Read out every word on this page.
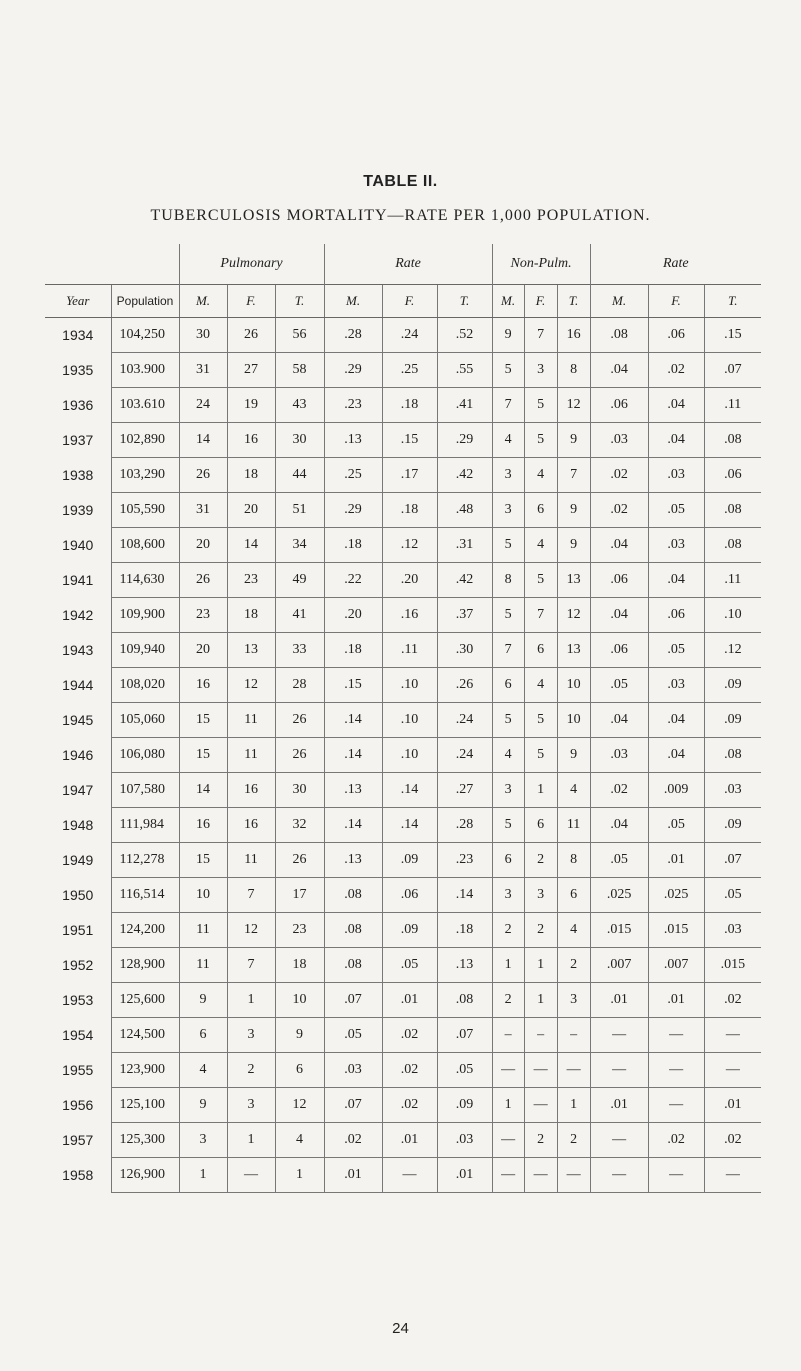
TABLE II.
TUBERCULOSIS MORTALITY—RATE PER 1,000 POPULATION.
		Pulmonary			Rate			Non-Pulm.			Rate		
Year	Population	M.	F.	T.	M.	F.	T.	M.	F.	T.	M.	F.	T.
1934	104,250	30	26	56	.28	.24	.52	9	7	16	.08	.06	.15
1935	103.900	31	27	58	.29	.25	.55	5	3	8	.04	.02	.07
1936	103.610	24	19	43	.23	.18	.41	7	5	12	.06	.04	.11
1937	102,890	14	16	30	.13	.15	.29	4	5	9	.03	.04	.08
1938	103,290	26	18	44	.25	.17	.42	3	4	7	.02	.03	.06
1939	105,590	31	20	51	.29	.18	.48	3	6	9	.02	.05	.08
1940	108,600	20	14	34	.18	.12	.31	5	4	9	.04	.03	.08
1941	114,630	26	23	49	.22	.20	.42	8	5	13	.06	.04	.11
1942	109,900	23	18	41	.20	.16	.37	5	7	12	.04	.06	.10
1943	109,940	20	13	33	.18	.11	.30	7	6	13	.06	.05	.12
1944	108,020	16	12	28	.15	.10	.26	6	4	10	.05	.03	.09
1945	105,060	15	11	26	.14	.10	.24	5	5	10	.04	.04	.09
1946	106,080	15	11	26	.14	.10	.24	4	5	9	.03	.04	.08
1947	107,580	14	16	30	.13	.14	.27	3	1	4	.02	.009	.03
1948	111,984	16	16	32	.14	.14	.28	5	6	11	.04	.05	.09
1949	112,278	15	11	26	.13	.09	.23	6	2	8	.05	.01	.07
1950	116,514	10	7	17	.08	.06	.14	3	3	6	.025	.025	.05
1951	124,200	11	12	23	.08	.09	.18	2	2	4	.015	.015	.03
1952	128,900	11	7	18	.08	.05	.13	1	1	2	.007	.007	.015
1953	125,600	9	1	10	.07	.01	.08	2	1	3	.01	.01	.02
1954	124,500	6	3	9	.05	.02	.07	–	–	–	—	—	—
1955	123,900	4	2	6	.03	.02	.05	—	—	—	—	—	—
1956	125,100	9	3	12	.07	.02	.09	1	—	1	.01	—	.01
1957	125,300	3	1	4	.02	.01	.03	—	2	2	—	.02	.02
1958	126,900	1	—	1	.01	—	.01	—	—	—	—	—	—
24
